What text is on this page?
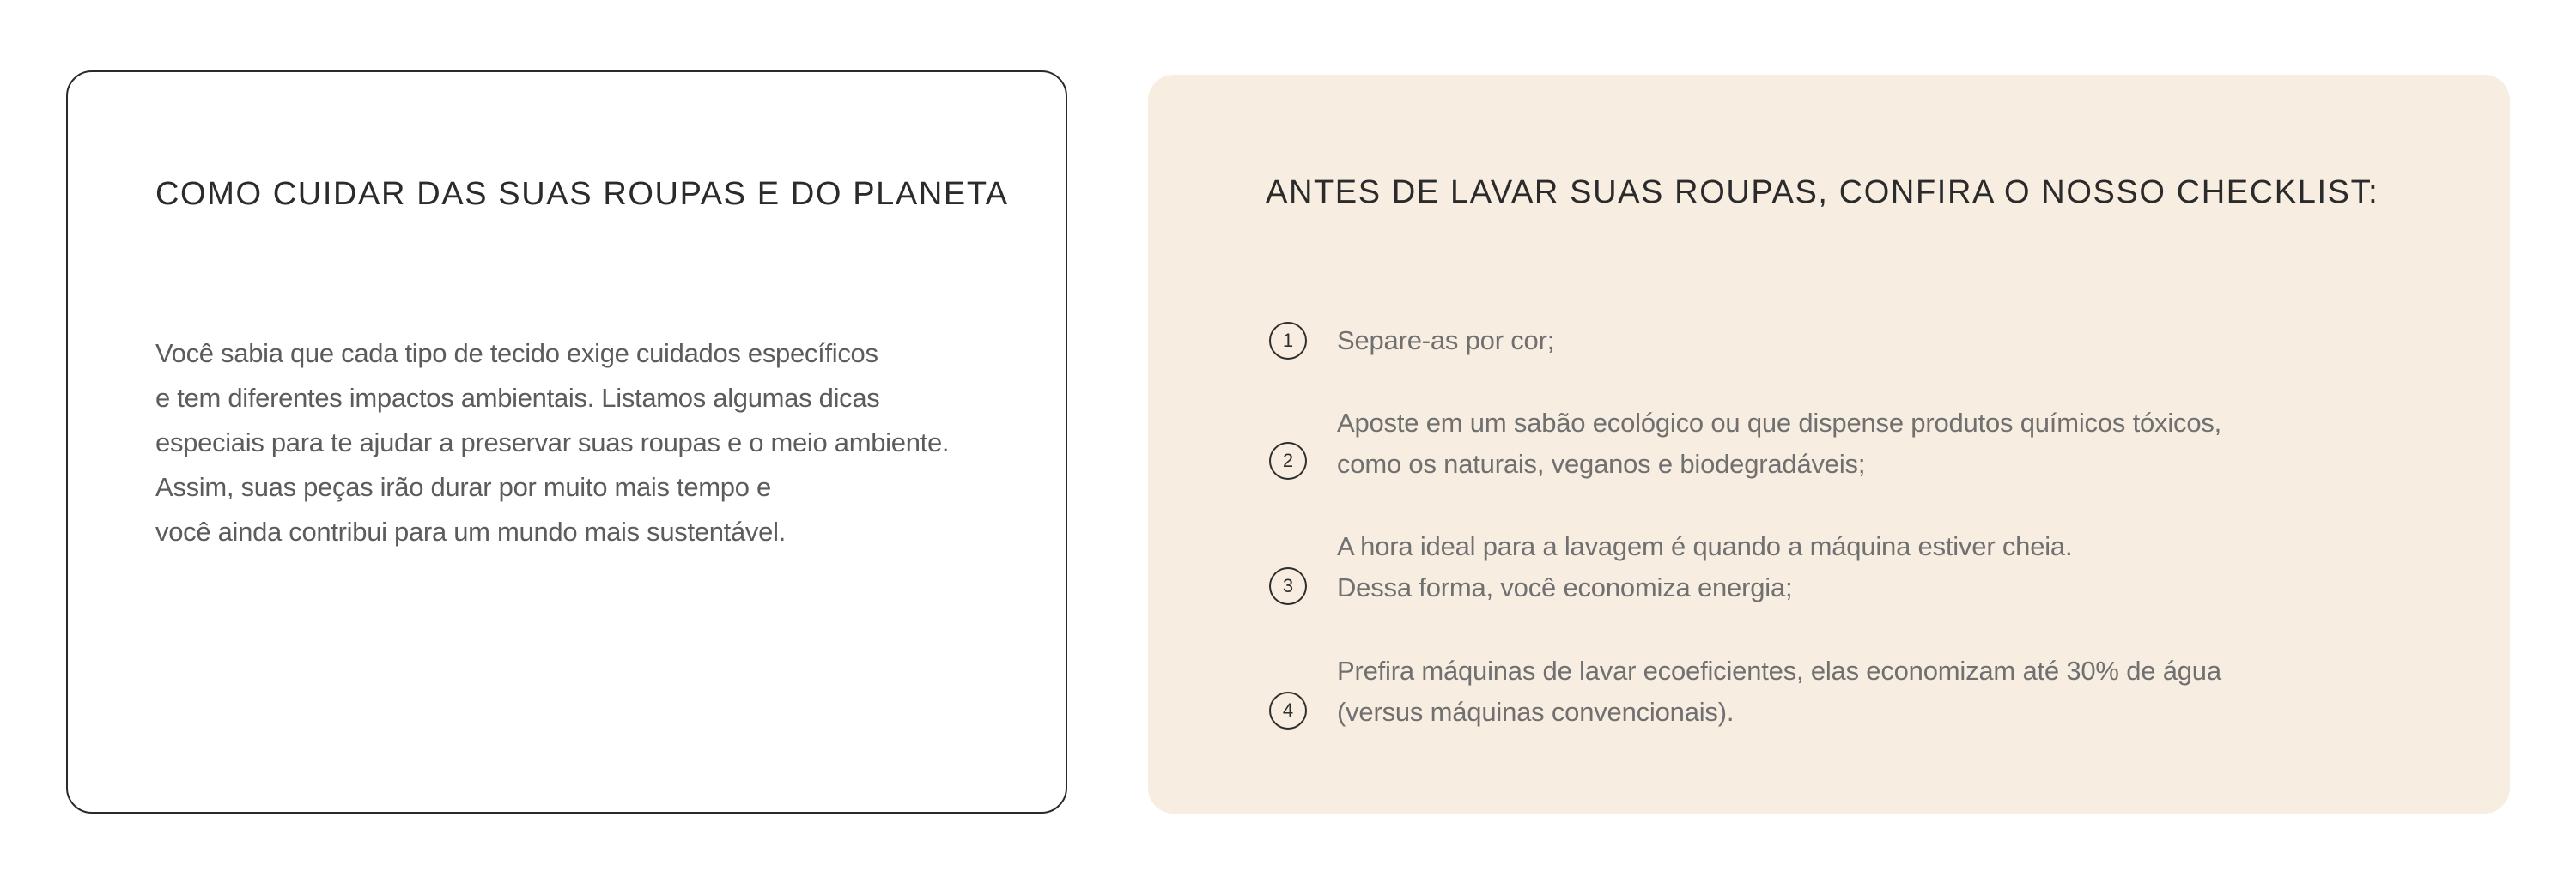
COMO CUIDAR DAS SUAS ROUPAS E DO PLANETA
Você sabia que cada tipo de tecido exige cuidados específicos
e tem diferentes impactos ambientais. Listamos algumas dicas
especiais para te ajudar a preservar suas roupas e o meio ambiente.
Assim, suas peças irão durar por muito mais tempo e
você ainda contribui para um mundo mais sustentável.
ANTES DE LAVAR SUAS ROUPAS, CONFIRA O NOSSO CHECKLIST:
1	Separe-as por cor;
2
Aposte em um sabão ecológico ou que dispense produtos químicos tóxicos,
como os naturais, veganos e biodegradáveis;
3
A hora ideal para a lavagem é quando a máquina estiver cheia.
Dessa forma, você economiza energia;
4
Prefira máquinas de lavar ecoeficientes, elas economizam até 30% de água
(versus máquinas convencionais).
